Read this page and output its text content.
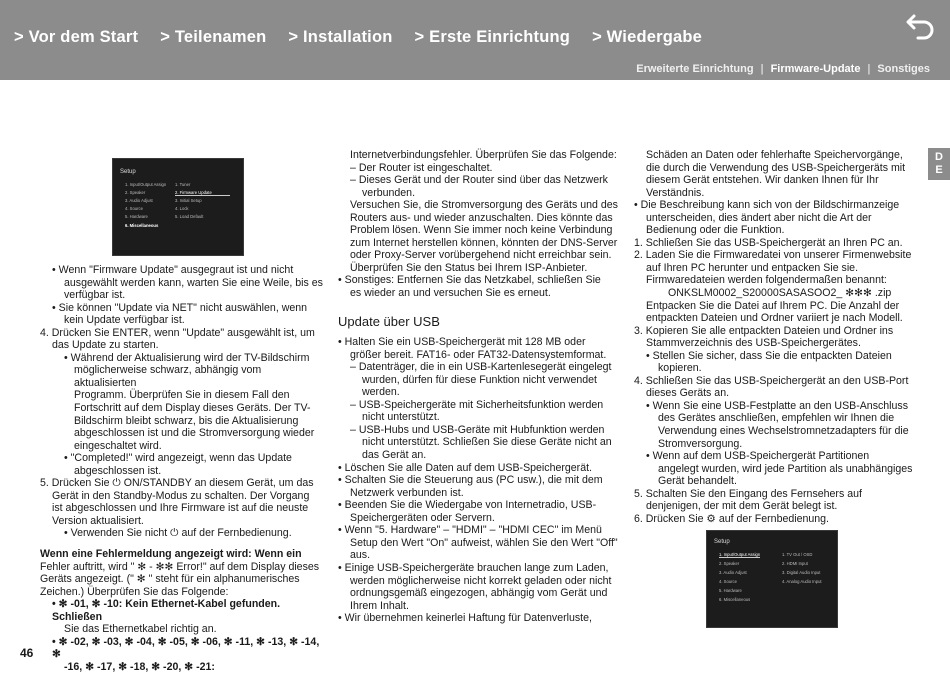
> Vor dem Start > Teilenamen > Installation > Erste Einrichtung > Wiedergabe
Erweiterte Einrichtung | Firmware-Update | Sonstiges
D
E
Setup
1. Input/Output Assign
2. Speaker
3. Audio Adjust
4. Source
5. Hardware
6. Miscellaneous
1. Tuner
2. Firmware Update
3. Initial Setup
4. Lock
5. Load Default
Setup
1. Input/Output Assign
2. Speaker
3. Audio Adjust
4. Source
5. Hardware
6. Miscellaneous
1. TV Out / OSD
2. HDMI Input
3. Digital Audio Input
4. Analog Audio Input

• Wenn "Firmware Update" ausgegraut ist und nicht

ausgewählt werden kann, warten Sie eine Weile, bis es

verfügbar ist.

• Sie können "Update via NET" nicht auswählen, wenn

kein Update verfügbar ist.

4. Drücken Sie ENTER, wenn "Update" ausgewählt ist, um

das Update zu starten.

• Während der Aktualisierung wird der TV-Bildschirm

möglicherweise schwarz, abhängig vom aktualisierten

Programm. Überprüfen Sie in diesem Fall den

Fortschritt auf dem Display dieses Geräts. Der TV-

Bildschirm bleibt schwarz, bis die Aktualisierung

abgeschlossen ist und die Stromversorgung wieder

eingeschaltet wird.

• "Completed!" wird angezeigt, wenn das Update

abgeschlossen ist.

5. Drücken Sie ⏻ ON/STANDBY an diesem Gerät, um das

Gerät in den Standby-Modus zu schalten. Der Vorgang

ist abgeschlossen und Ihre Firmware ist auf die neuste

Version aktualisiert.

• Verwenden Sie nicht ⏻ auf der Fernbedienung.

Wenn eine Fehlermeldung angezeigt wird: Wenn ein

Fehler auftritt, wird " ✻ - ✻✻ Error!" auf dem Display dieses

Geräts angezeigt. (" ✻ " steht für ein alphanumerisches

Zeichen.) Überprüfen Sie das Folgende:

• ✻ -01, ✻ -10: Kein Ethernet-Kabel gefunden. Schließen

Sie das Ethernetkabel richtig an.

• ✻ -02, ✻ -03, ✻ -04, ✻ -05, ✻ -06, ✻ -11, ✻ -13, ✻ -14, ✻

-16, ✻ -17, ✻ -18, ✻ -20, ✻ -21:

Internetverbindungsfehler. Überprüfen Sie das Folgende:

– Der Router ist eingeschaltet.

– Dieses Gerät und der Router sind über das Netzwerk

verbunden.

Versuchen Sie, die Stromversorgung des Geräts und des

Routers aus- und wieder anzuschalten. Dies könnte das

Problem lösen. Wenn Sie immer noch keine Verbindung

zum Internet herstellen können, könnten der DNS-Server

oder Proxy-Server vorübergehend nicht erreichbar sein.

Überprüfen Sie den Status bei Ihrem ISP-Anbieter.

• Sonstiges: Entfernen Sie das Netzkabel, schließen Sie

es wieder an und versuchen Sie es erneut.

Update über USB

• Halten Sie ein USB-Speichergerät mit 128 MB oder

größer bereit. FAT16- oder FAT32-Datensystemformat.

– Datenträger, die in ein USB-Kartenlesegerät eingelegt

wurden, dürfen für diese Funktion nicht verwendet

werden.

– USB-Speichergeräte mit Sicherheitsfunktion werden

nicht unterstützt.

– USB-Hubs und USB-Geräte mit Hubfunktion werden

nicht unterstützt. Schließen Sie diese Geräte nicht an

das Gerät an.

• Löschen Sie alle Daten auf dem USB-Speichergerät.

• Schalten Sie die Steuerung aus (PC usw.), die mit dem

Netzwerk verbunden ist.

• Beenden Sie die Wiedergabe von Internetradio, USB-

Speichergeräten oder Servern.

• Wenn "5. Hardware" – "HDMI" – "HDMI CEC" im Menü

Setup den Wert "On" aufweist, wählen Sie den Wert "Off"

aus.

• Einige USB-Speichergeräte brauchen lange zum Laden,

werden möglicherweise nicht korrekt geladen oder nicht

ordnungsgemäß eingezogen, abhängig vom Gerät und

Ihrem Inhalt.

• Wir übernehmen keinerlei Haftung für Datenverluste,

Schäden an Daten oder fehlerhafte Speichervorgänge,

die durch die Verwendung des USB-Speichergeräts mit

diesem Gerät entstehen. Wir danken Ihnen für Ihr

Verständnis.

• Die Beschreibung kann sich von der Bildschirmanzeige

unterscheiden, dies ändert aber nicht die Art der

Bedienung oder die Funktion.

1. Schließen Sie das USB-Speichergerät an Ihren PC an.

2. Laden Sie die Firmwaredatei von unserer Firmenwebsite

auf Ihren PC herunter und entpacken Sie sie.

Firmwaredateien werden folgendermaßen benannt:

ONKSLM0002_S20000SASASOO2_ ✻✻✻ .zip

Entpacken Sie die Datei auf Ihrem PC. Die Anzahl der

entpackten Dateien und Ordner variiert je nach Modell.

3. Kopieren Sie alle entpackten Dateien und Ordner ins

Stammverzeichnis des USB-Speichergerätes.

• Stellen Sie sicher, dass Sie die entpackten Dateien

kopieren.

4. Schließen Sie das USB-Speichergerät an den USB-Port

dieses Geräts an.

• Wenn Sie eine USB-Festplatte an den USB-Anschluss

des Gerätes anschließen, empfehlen wir Ihnen die

Verwendung eines Wechselstromnetzadapters für die

Stromversorgung.

• Wenn auf dem USB-Speichergerät Partitionen

angelegt wurden, wird jede Partition als unabhängiges

Gerät behandelt.

5. Schalten Sie den Eingang des Fernsehers auf

denjenigen, der mit dem Gerät belegt ist.

6. Drücken Sie ⚙ auf der Fernbedienung.

46
